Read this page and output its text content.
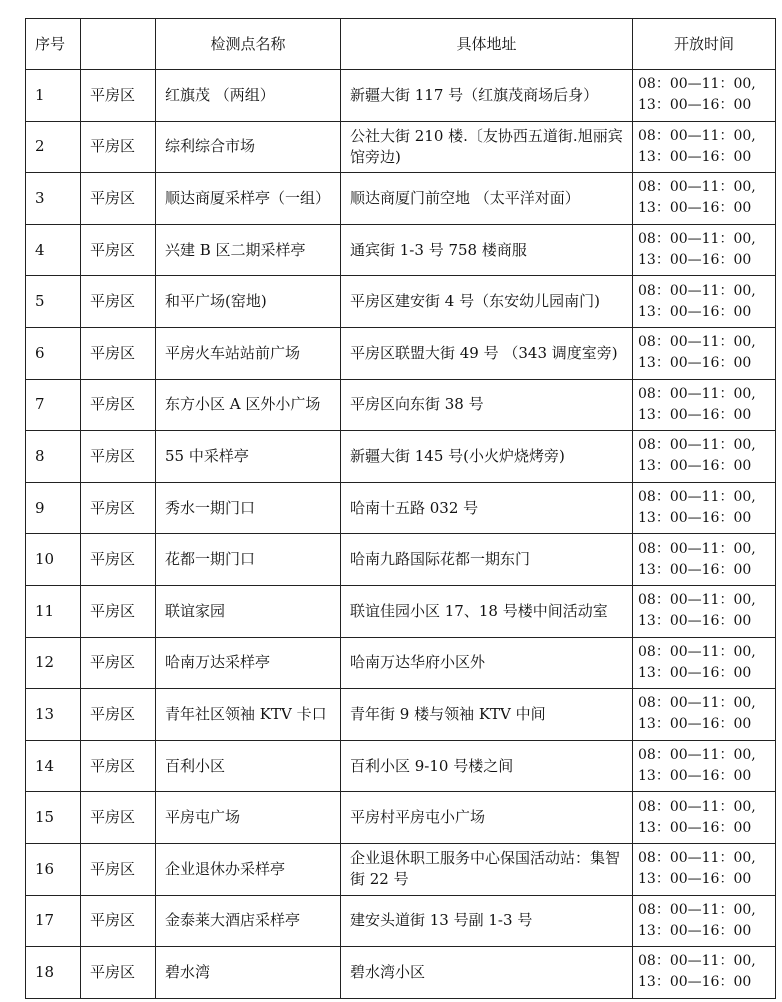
序号		检测点名称	具体地址	开放时间
1	平房区	红旗茂 （两组）	新疆大街 117 号（红旗茂商场后身）	08：00—11：00,
13：00—16：00

2	平房区	综利综合市场	公社大街 210 楼.〔友协西五道街.旭丽宾馆旁边)	08：00—11：00,
13：00—16：00

3	平房区	顺达商厦采样亭（一组）	顺达商厦门前空地 （太平洋对面）	08：00—11：00,
13：00—16：00

4	平房区	兴建 B 区二期采样亭	通宾街 1-3 号 758 楼商服	08：00—11：00,
13：00—16：00

5	平房区	和平广场(窑地)	平房区建安街 4 号（东安幼儿园南门)	08：00—11：00,
13：00—16：00

6	平房区	平房火车站站前广场	平房区联盟大街 49 号 （343 调度室旁)	08：00—11：00,
13：00—16：00

7	平房区	东方小区 A 区外小广场	平房区向东街 38 号	08：00—11：00,
13：00—16：00

8	平房区	55 中采样亭	新疆大街 145 号(小火炉烧烤旁)	08：00—11：00,
13：00—16：00

9	平房区	秀水一期门口	哈南十五路 032 号	08：00—11：00,
13：00—16：00

10	平房区	花都一期门口	哈南九路国际花都一期东门	08：00—11：00,
13：00—16：00

11	平房区	联谊家园	联谊佳园小区 17、18 号楼中间活动室	08：00—11：00,
13：00—16：00

12	平房区	哈南万达采样亭	哈南万达华府小区外	08：00—11：00,
13：00—16：00

13	平房区	青年社区领袖 KTV 卡口	青年街 9 楼与领袖 KTV 中间	08：00—11：00,
13：00—16：00

14	平房区	百利小区	百利小区 9-10 号楼之间	08：00—11：00,
13：00—16：00

15	平房区	平房屯广场	平房村平房屯小广场	08：00—11：00,
13：00—16：00

16	平房区	企业退休办采样亭	企业退休职工服务中心保国活动站：集智街 22 号	08：00—11：00,
13：00—16：00

17	平房区	金泰莱大酒店采样亭	建安头道街 13 号副 1-3 号	08：00—11：00,
13：00—16：00

18	平房区	碧水湾	碧水湾小区	08：00—11：00,
13：00—16：00
